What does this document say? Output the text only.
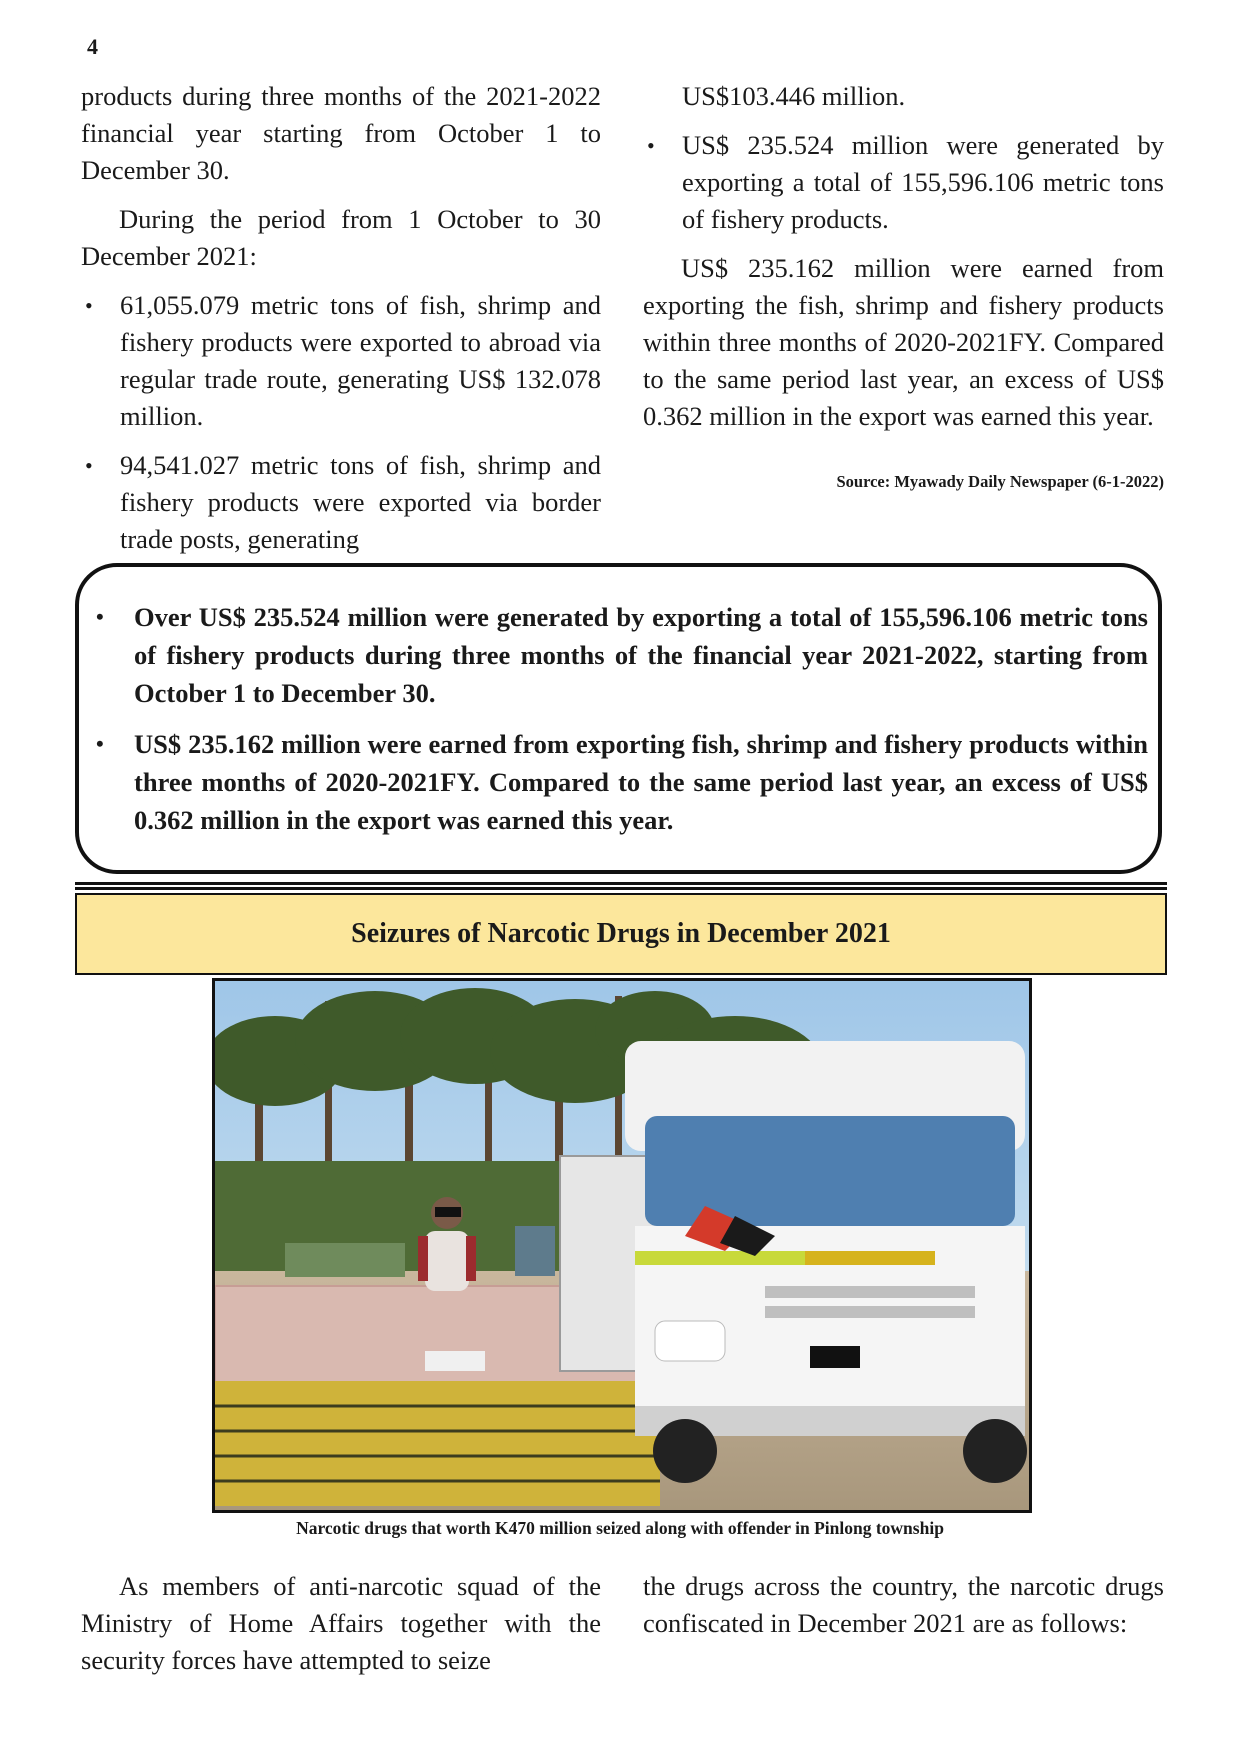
4

products during three months of the 2021-2022 financial year starting from October 1 to December 30.

During the period from 1 October to 30 December 2021:

• 61,055.079 metric tons of fish, shrimp and fishery products were exported to abroad via regular trade route, generating US$ 132.078 million.
• 94,541.027 metric tons of fish, shrimp and fishery products were exported via border trade posts, generating

US$103.446 million.

• US$ 235.524 million were generated by exporting a total of 155,596.106 metric tons of fishery products.

US$ 235.162 million were earned from exporting the fish, shrimp and fishery products within three months of 2020-2021FY. Compared to the same period last year, an excess of US$ 0.362 million in the export was earned this year.

Source: Myawady Daily Newspaper (6-1-2022)
• Over US$ 235.524 million were generated by exporting a total of 155,596.106 metric tons of fishery products during three months of the financial year 2021-2022, starting from October 1 to December 30.
• US$ 235.162 million were earned from exporting fish, shrimp and fishery products within three months of 2020-2021FY. Compared to the same period last year, an excess of US$ 0.362 million in the export was earned this year.
Seizures of Narcotic Drugs in December 2021
Narcotic drugs that worth K470 million seized along with offender in Pinlong township

As members of anti-narcotic squad of the Ministry of Home Affairs together with the security forces have attempted to seize

the drugs across the country, the narcotic drugs confiscated in December 2021 are as follows:
